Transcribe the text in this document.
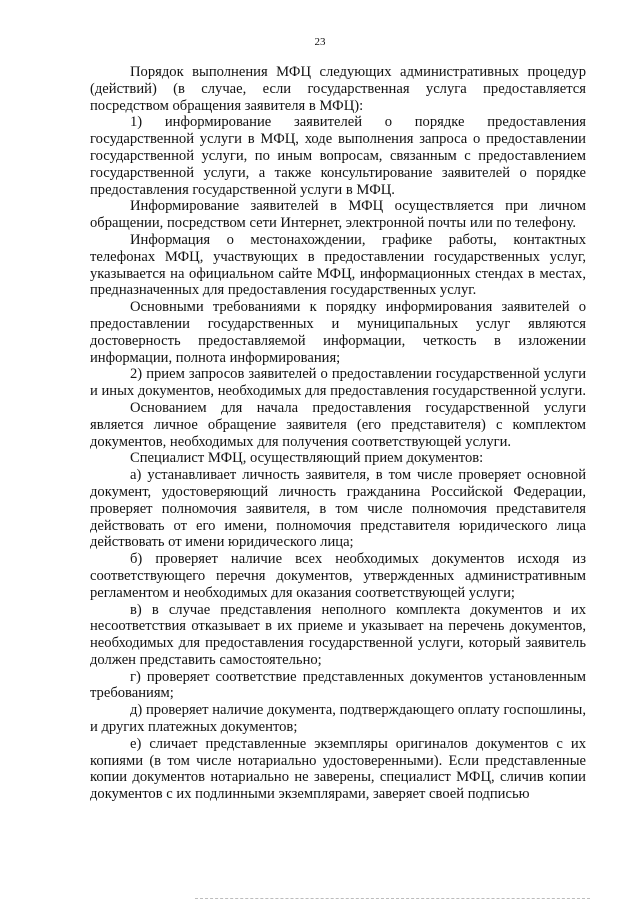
23

Порядок выполнения МФЦ следующих административных процедур (действий) (в случае, если государственная услуга предоставляется посредством обращения заявителя в МФЦ):

1) информирование заявителей о порядке предоставления государственной услуги в МФЦ, ходе выполнения запроса о предоставлении государственной услуги, по иным вопросам, связанным с предоставлением государственной услуги, а также консультирование заявителей о порядке предоставления государственной услуги в МФЦ.

Информирование заявителей в МФЦ осуществляется при личном обращении, посредством сети Интернет, электронной почты или по телефону.

Информация о местонахождении, графике работы, контактных телефонах МФЦ, участвующих в предоставлении государственных услуг, указывается на официальном сайте МФЦ, информационных стендах в местах, предназначенных для предоставления государственных услуг.

Основными требованиями к порядку информирования заявителей о предоставлении государственных и муниципальных услуг являются достоверность предоставляемой информации, четкость в изложении информации, полнота информирования;

2) прием запросов заявителей о предоставлении государственной услуги и иных документов, необходимых для предоставления государственной услуги.

Основанием для начала предоставления государственной услуги является личное обращение заявителя (его представителя) с комплектом документов, необходимых для получения соответствующей услуги.

Специалист МФЦ, осуществляющий прием документов:

а) устанавливает личность заявителя, в том числе проверяет основной документ, удостоверяющий личность гражданина Российской Федерации, проверяет полномочия заявителя, в том числе полномочия представителя действовать от его имени, полномочия представителя юридического лица действовать от имени юридического лица;

б) проверяет наличие всех необходимых документов исходя из соответствующего перечня документов, утвержденных административным регламентом и необходимых для оказания соответствующей услуги;

в) в случае представления неполного комплекта документов и их несоответствия отказывает в их приеме и указывает на перечень документов, необходимых для предоставления государственной услуги, который заявитель должен представить самостоятельно;

г) проверяет соответствие представленных документов установленным требованиям;

д) проверяет наличие документа, подтверждающего оплату госпошлины, и других платежных документов;

е) сличает представленные экземпляры оригиналов документов с их копиями (в том числе нотариально удостоверенными). Если представленные копии документов нотариально не заверены, специалист МФЦ, сличив копии документов с их подлинными экземплярами, заверяет своей подписью
